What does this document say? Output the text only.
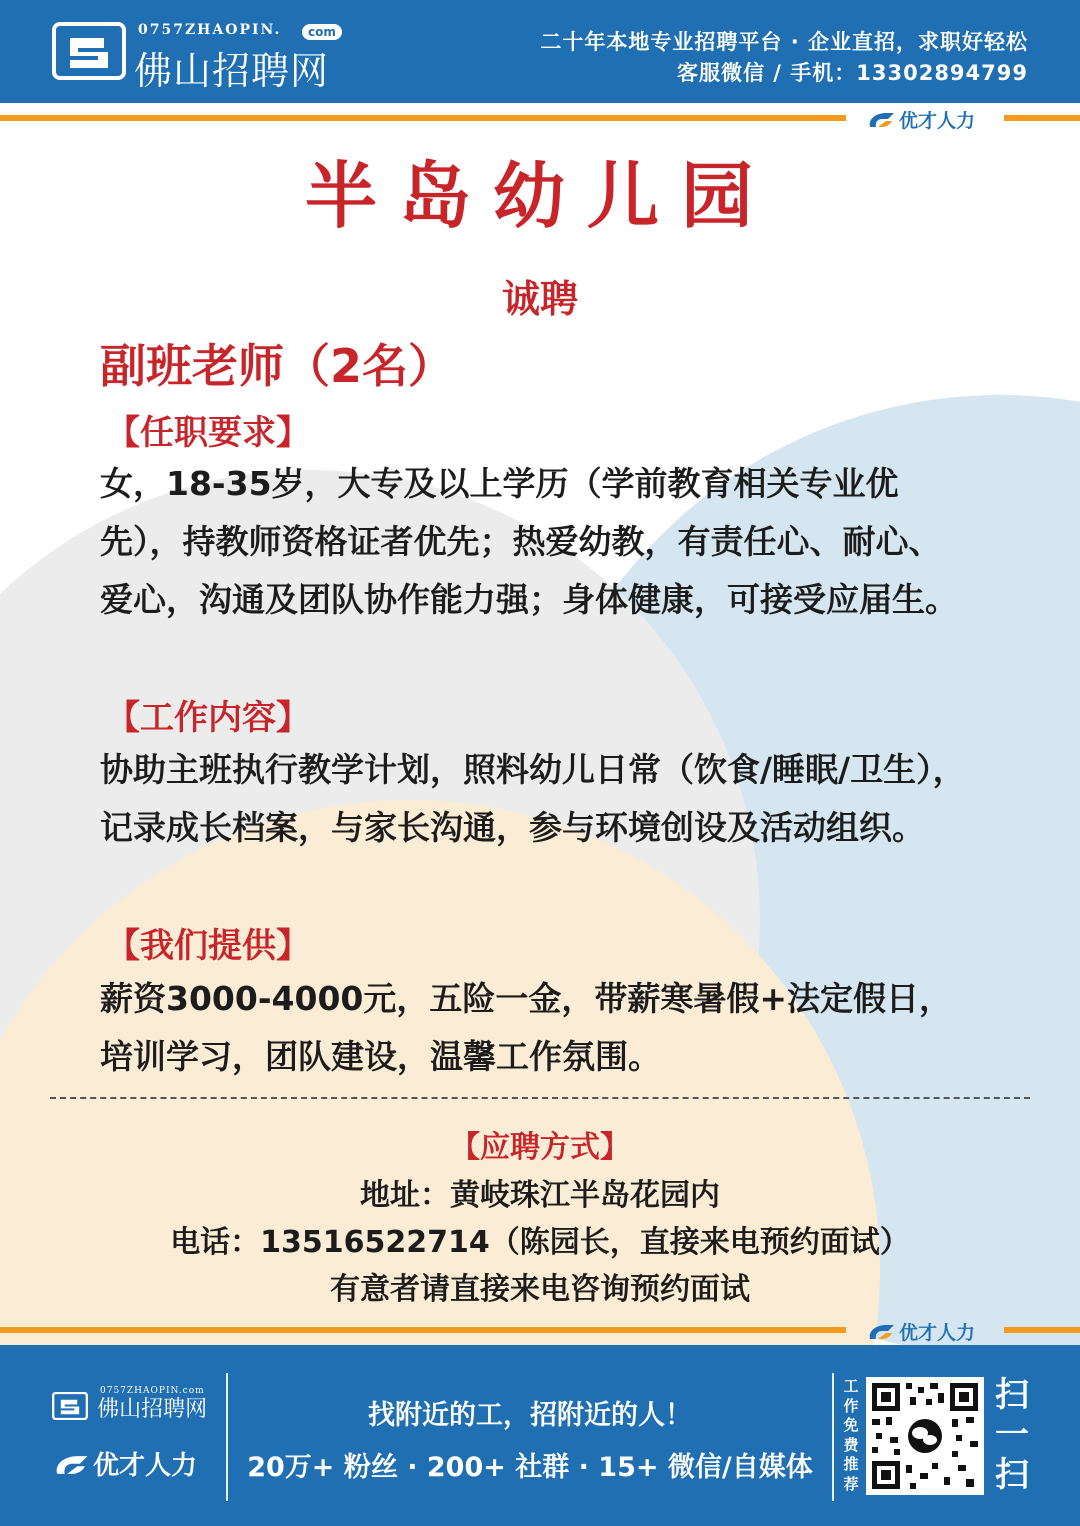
0757ZHAOPIN.	com
佛山招聘网
二十年本地专业招聘平台 · 企业直招，求职好轻松
客服微信 / 手机：13302894799
优才人力
半岛幼儿园
诚聘
副班老师（2名）
【任职要求】
女，18-35岁，大专及以上学历（学前教育相关专业优先），持教师资格证者优先；热爱幼教，有责任心、耐心、爱心，沟通及团队协作能力强；身体健康，可接受应届生。
【工作内容】
协助主班执行教学计划，照料幼儿日常（饮食/睡眠/卫生），记录成长档案，与家长沟通，参与环境创设及活动组织。
【我们提供】
薪资3000-4000元，五险一金，带薪寒暑假+法定假日，培训学习，团队建设，温馨工作氛围。
【应聘方式】
地址：黄岐珠江半岛花园内
电话：13516522714（陈园长，直接来电预约面试）
有意者请直接来电咨询预约面试
优才人力

0757ZHAOPIN.com
佛山招聘网
优才人力
找附近的工，招附近的人！
20万+ 粉丝 · 200+ 社群 · 15+ 微信/自媒体
工作免费推荐
扫一扫
